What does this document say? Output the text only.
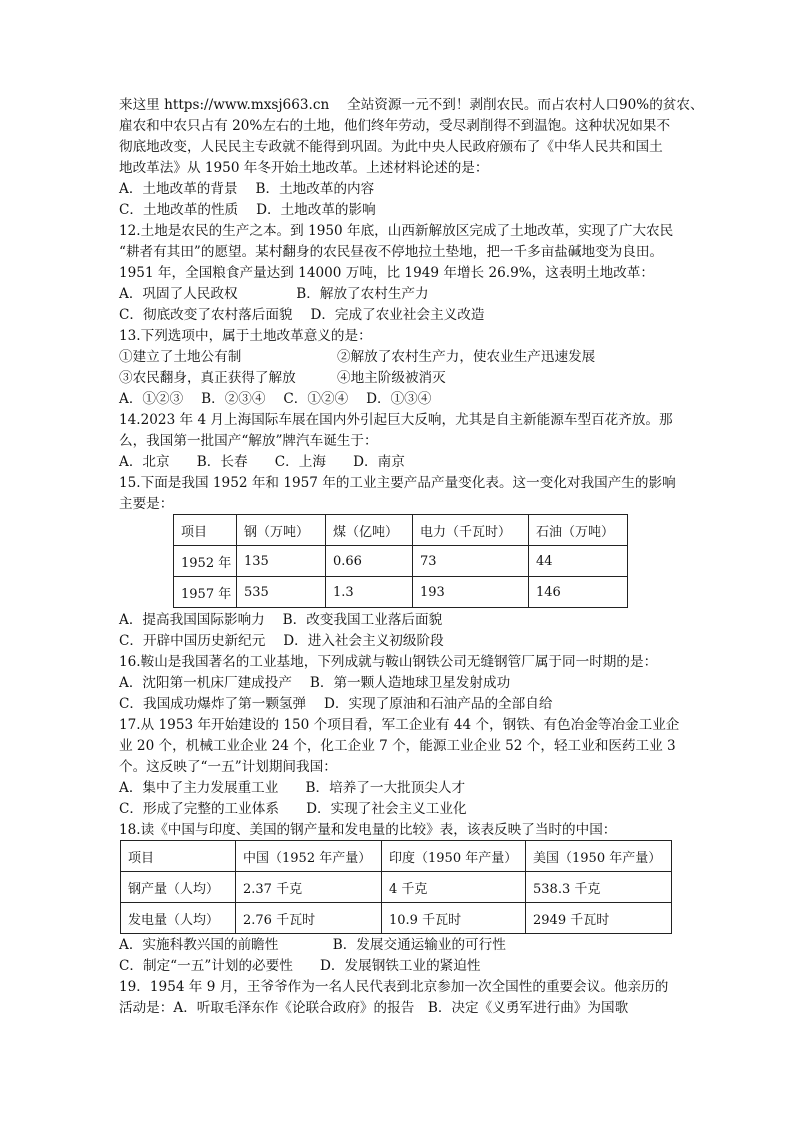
来这里 https://www.mxsj663.cn　 全站资源一元不到！剥削农民。而占农村人口90%的贫农、
雇农和中农只占有 20%左右的土地，他们终年劳动，受尽剥削得不到温饱。这种状况如果不
彻底地改变，人民民主专政就不能得到巩固。为此中央人民政府颁布了《中华人民共和国土
地改革法》从 1950 年冬开始土地改革。上述材料论述的是：
A．土地改革的背景　 B．土地改革的内容
C．土地改革的性质　 D．土地改革的影响
12.土地是农民的生产之本。到 1950 年底，山西新解放区完成了土地改革，实现了广大农民
“耕者有其田”的愿望。某村翻身的农民昼夜不停地拉土垫地，把一千多亩盐碱地变为良田。
1951 年，全国粮食产量达到 14000 万吨，比 1949 年增长 26.9%，这表明土地改革：
A．巩固了人民政权　　　　 B．解放了农村生产力
C．彻底改变了农村落后面貌　 D．完成了农业社会主义改造
13.下列选项中，属于土地改革意义的是：
①建立了土地公有制	②解放了农村生产力，使农业生产迅速发展
③农民翻身，真正获得了解放	④地主阶级被消灭
A．①②③　 B．②③④　 C．①②④　 D．①③④
14.2023 年 4 月上海国际车展在国内外引起巨大反响，尤其是自主新能源车型百花齐放。那
么，我国第一批国产“解放”牌汽车诞生于：
A．北京　　B．长春　　C．上海　　D．南京
15.下面是我国 1952 年和 1957 年的工业主要产品产量变化表。这一变化对我国产生的影响
主要是：
项目	钢（万吨）	煤（亿吨）	电力（千瓦时）	石油（万吨）
1952 年	135	0.66	73	44
1957 年	535	1.3	193	146
A．提高我国国际影响力　 B．改变我国工业落后面貌
C．开辟中国历史新纪元　 D．进入社会主义初级阶段
16.鞍山是我国著名的工业基地，下列成就与鞍山钢铁公司无缝钢管厂属于同一时期的是：
A．沈阳第一机床厂建成投产　 B．第一颗人造地球卫星发射成功
C．我国成功爆炸了第一颗氢弹　 D．实现了原油和石油产品的全部自给
17.从 1953 年开始建设的 150 个项目看，军工企业有 44 个，钢铁、有色冶金等冶金工业企
业 20 个，机械工业企业 24 个，化工企业 7 个，能源工业企业 52 个，轻工业和医药工业 3
个。这反映了“一五”计划期间我国：
A．集中了主力发展重工业　　B．培养了一大批顶尖人才
C．形成了完整的工业体系　　D．实现了社会主义工业化
18.读《中国与印度、美国的钢产量和发电量的比较》表，该表反映了当时的中国：
项目	中国（1952 年产量）	印度（1950 年产量）	美国（1950 年产量）
钢产量（人均）	2.37 千克	4 千克	538.3 千克
发电量（人均）	2.76 千瓦时	10.9 千瓦时	2949 千瓦时
A．实施科教兴国的前瞻性　　　　B．发展交通运输业的可行性
C．制定“一五”计划的必要性　　D．发展钢铁工业的紧迫性
19．1954 年 9 月，王爷爷作为一名人民代表到北京参加一次全国性的重要会议。他亲历的
活动是：A．听取毛泽东作《论联合政府》的报告　B．决定《义勇军进行曲》为国歌
